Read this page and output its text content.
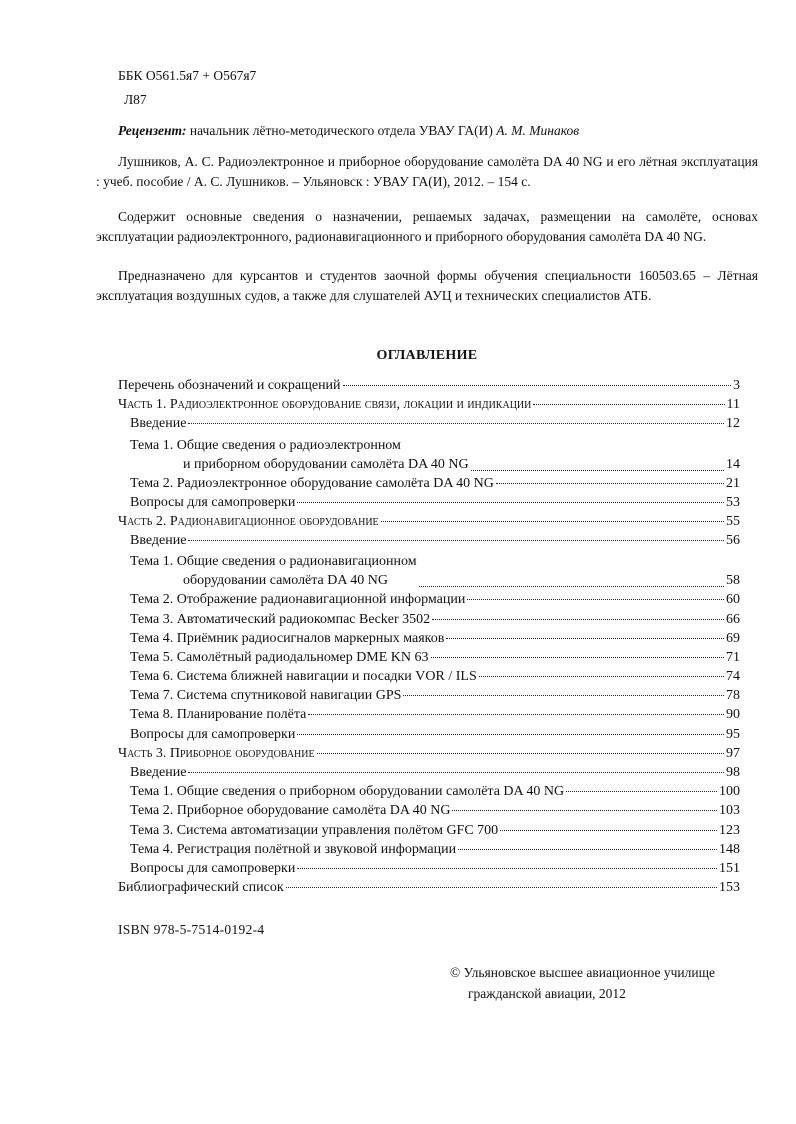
ББК О561.5я7 + О567я7
Л87
Рецензент: начальник лётно-методического отдела УВАУ ГА(И) А. М. Минаков
Лушников, А. С. Радиоэлектронное и приборное оборудование самолёта DA 40 NG и его лётная эксплуатация : учеб. пособие / А. С. Лушников. – Ульяновск : УВАУ ГА(И), 2012. – 154 с.
Содержит основные сведения о назначении, решаемых задачах, размещении на самолёте, основах эксплуатации радиоэлектронного, радионавигационного и приборного оборудования самолёта DA 40 NG.
Предназначено для курсантов и студентов заочной формы обучения специальности 160503.65 – Лётная эксплуатация воздушных судов, а также для слушателей АУЦ и технических специалистов АТБ.
ОГЛАВЛЕНИЕ
Перечень обозначений и сокращений	3
Часть 1. Радиоэлектронное оборудование связи, локации и индикации	11
Введение	12
Тема 1. Общие сведения о радиоэлектронном
и приборном оборудовании самолёта DA 40 NG	14
Тема 2. Радиоэлектронное оборудование самолёта DA 40 NG	21
Вопросы для самопроверки	53
Часть 2. Радионавигационное оборудование	55
Введение	56
Тема 1. Общие сведения о радионавигационном
оборудовании самолёта DA 40 NG	58
Тема 2. Отображение радионавигационной информации	60
Тема 3. Автоматический радиокомпас Becker 3502	66
Тема 4. Приёмник радиосигналов маркерных маяков	69
Тема 5. Самолётный радиодальномер DME KN 63	71
Тема 6. Система ближней навигации и посадки VOR / ILS	74
Тема 7. Система спутниковой навигации GPS	78
Тема 8. Планирование полёта	90
Вопросы для самопроверки	95
Часть 3. Приборное оборудование	97
Введение	98
Тема 1. Общие сведения о приборном оборудовании самолёта DA 40 NG	100
Тема 2. Приборное оборудование самолёта DA 40 NG	103
Тема 3. Система автоматизации управления полётом GFC 700	123
Тема 4. Регистрация полётной и звуковой информации	148
Вопросы для самопроверки	151
Библиографический список	153
ISBN 978-5-7514-0192-4
© Ульяновское высшее авиационное училище
гражданской авиации, 2012
